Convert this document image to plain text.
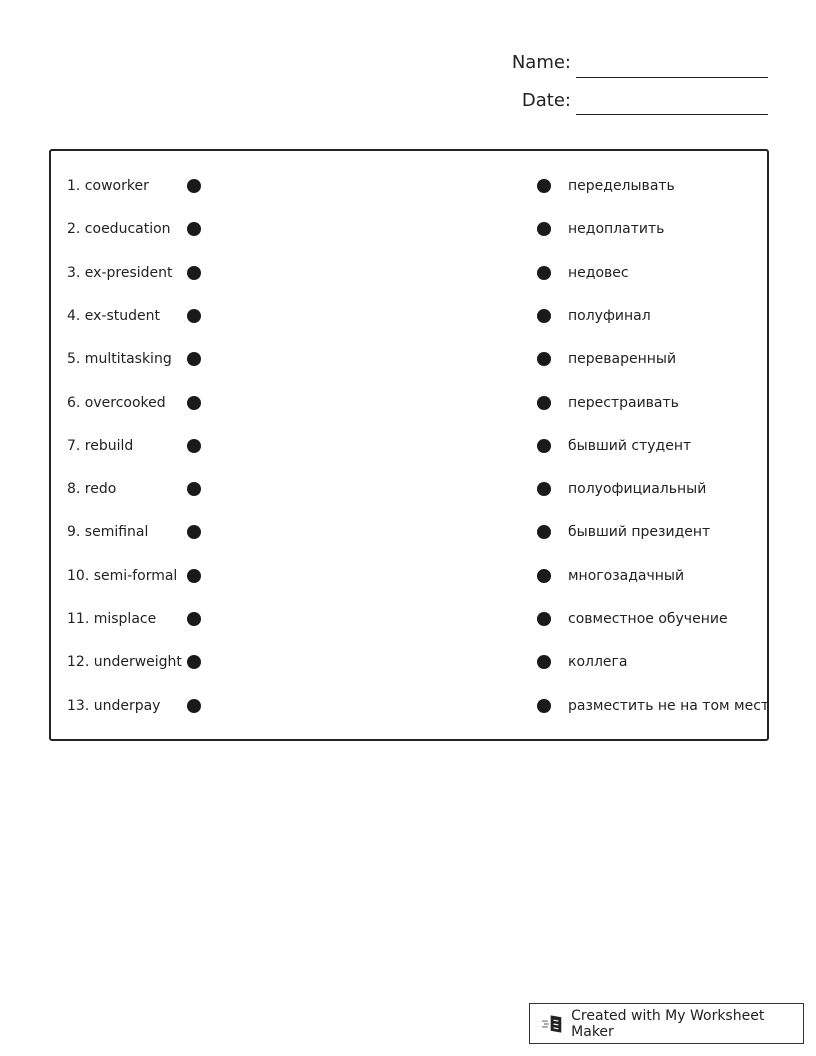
Name:
Date:
1. coworker	переделывать
2. coeducation	недоплатить
3. ex-president	недовес
4. ex-student	полуфинал
5. multitasking	переваренный
6. overcooked	перестраивать
7. rebuild	бывший студент
8. redo	полуофициальный
9. semifinal	бывший президент
10. semi-formal	многозадачный
11. misplace	совместное обучение
12. underweight	коллега
13. underpay	разместить не на том мест
Created with My Worksheet Maker
